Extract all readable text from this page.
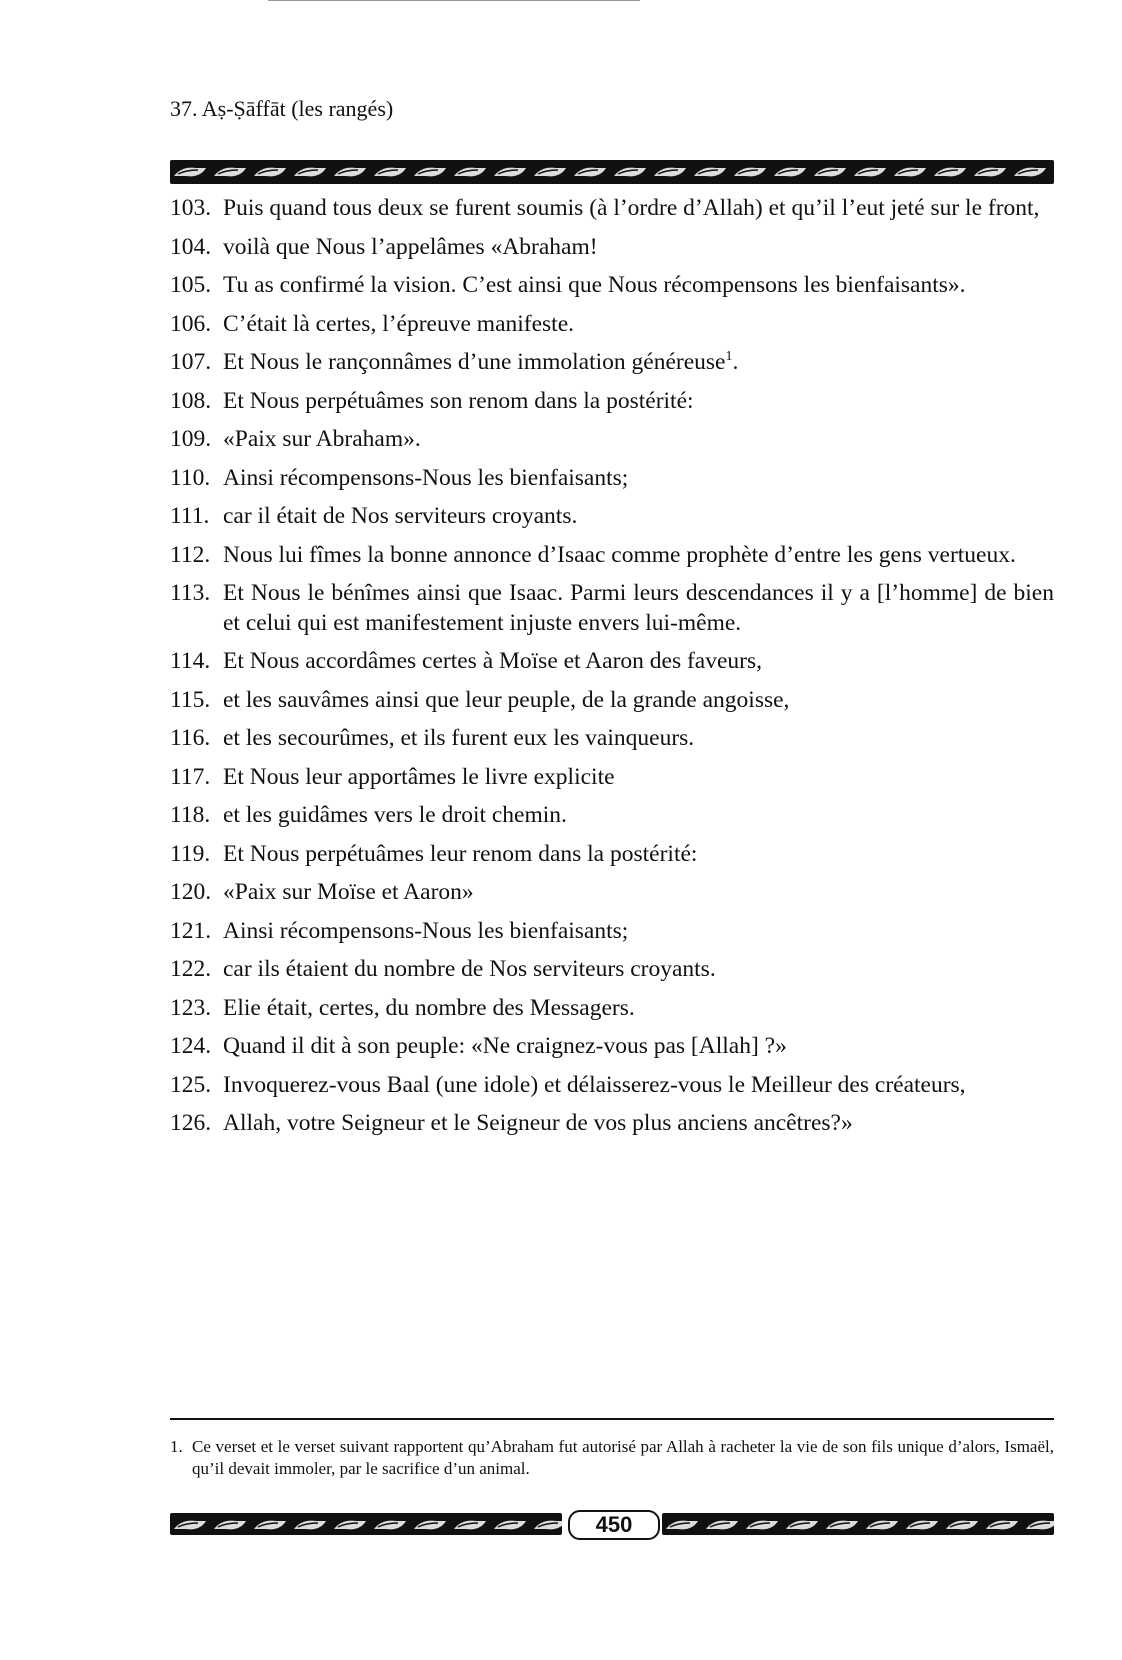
37. Aṣ-Ṣāffāt (les rangés)
103. Puis quand tous deux se furent soumis (à l’ordre d’Allah) et qu’il l’eut jeté sur le front,
104. voilà que Nous l’appelâmes «Abraham!
105. Tu as confirmé la vision. C’est ainsi que Nous récompensons les bienfaisants».
106. C’était là certes, l’épreuve manifeste.
107. Et Nous le rançonnâmes d’une immolation généreuse$^1$.
108. Et Nous perpétuâmes son renom dans la postérité:
109. «Paix sur Abraham».
110. Ainsi récompensons-Nous les bienfaisants;
111. car il était de Nos serviteurs croyants.
112. Nous lui fîmes la bonne annonce d’Isaac comme prophète d’entre les gens vertueux.
113. Et Nous le bénîmes ainsi que Isaac. Parmi leurs descendances il y a [l’homme] de bien et celui qui est manifestement injuste envers lui-même.
114. Et Nous accordâmes certes à Moïse et Aaron des faveurs,
115. et les sauvâmes ainsi que leur peuple, de la grande angoisse,
116. et les secourûmes, et ils furent eux les vainqueurs.
117. Et Nous leur apportâmes le livre explicite
118. et les guidâmes vers le droit chemin.
119. Et Nous perpétuâmes leur renom dans la postérité:
120. «Paix sur Moïse et Aaron»
121. Ainsi récompensons-Nous les bienfaisants;
122. car ils étaient du nombre de Nos serviteurs croyants.
123. Elie était, certes, du nombre des Messagers.
124. Quand il dit à son peuple: «Ne craignez-vous pas [Allah] ?»
125. Invoquerez-vous Baal (une idole) et délaisserez-vous le Meilleur des créateurs,
126. Allah, votre Seigneur et le Seigneur de vos plus anciens ancêtres?»
1. Ce verset et le verset suivant rapportent qu’Abraham fut autorisé par Allah à racheter la vie de son fils unique d’alors, Ismaël, qu’il devait immoler, par le sacrifice d’un animal.
450
